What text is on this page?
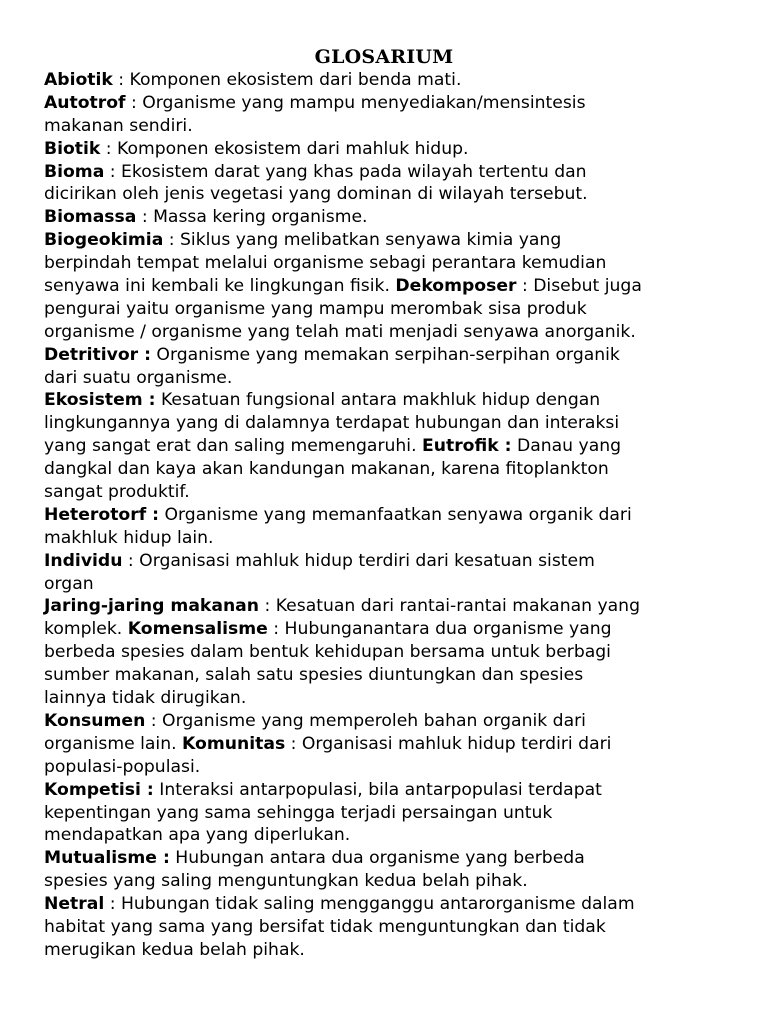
GLOSARIUM
Abiotik : Komponen ekosistem dari benda mati.
Autotrof : Organisme yang mampu menyediakan/mensintesis
makanan sendiri.
Biotik : Komponen ekosistem dari mahluk hidup.
Bioma : Ekosistem darat yang khas pada wilayah tertentu dan
dicirikan oleh jenis vegetasi yang dominan di wilayah tersebut.
Biomassa : Massa kering organisme.
Biogeokimia : Siklus yang melibatkan senyawa kimia yang
berpindah tempat melalui organisme sebagi perantara kemudian
senyawa ini kembali ke lingkungan fisik. Dekomposer : Disebut juga
pengurai yaitu organisme yang mampu merombak sisa produk
organisme / organisme yang telah mati menjadi senyawa anorganik.
Detritivor : Organisme yang memakan serpihan-serpihan organik
dari suatu organisme.
Ekosistem : Kesatuan fungsional antara makhluk hidup dengan
lingkungannya yang di dalamnya terdapat hubungan dan interaksi
yang sangat erat dan saling memengaruhi. Eutrofik : Danau yang
dangkal dan kaya akan kandungan makanan, karena fitoplankton
sangat produktif.
Heterotorf : Organisme yang memanfaatkan senyawa organik dari
makhluk hidup lain.
Individu : Organisasi mahluk hidup terdiri dari kesatuan sistem
organ
Jaring-jaring makanan : Kesatuan dari rantai-rantai makanan yang
komplek. Komensalisme : Hubunganantara dua organisme yang
berbeda spesies dalam bentuk kehidupan bersama untuk berbagi
sumber makanan, salah satu spesies diuntungkan dan spesies
lainnya tidak dirugikan.
Konsumen : Organisme yang memperoleh bahan organik dari
organisme lain. Komunitas : Organisasi mahluk hidup terdiri dari
populasi-populasi.
Kompetisi : Interaksi antarpopulasi, bila antarpopulasi terdapat
kepentingan yang sama sehingga terjadi persaingan untuk
mendapatkan apa yang diperlukan.
Mutualisme : Hubungan antara dua organisme yang berbeda
spesies yang saling menguntungkan kedua belah pihak.
Netral : Hubungan tidak saling mengganggu antarorganisme dalam
habitat yang sama yang bersifat tidak menguntungkan dan tidak
merugikan kedua belah pihak.
